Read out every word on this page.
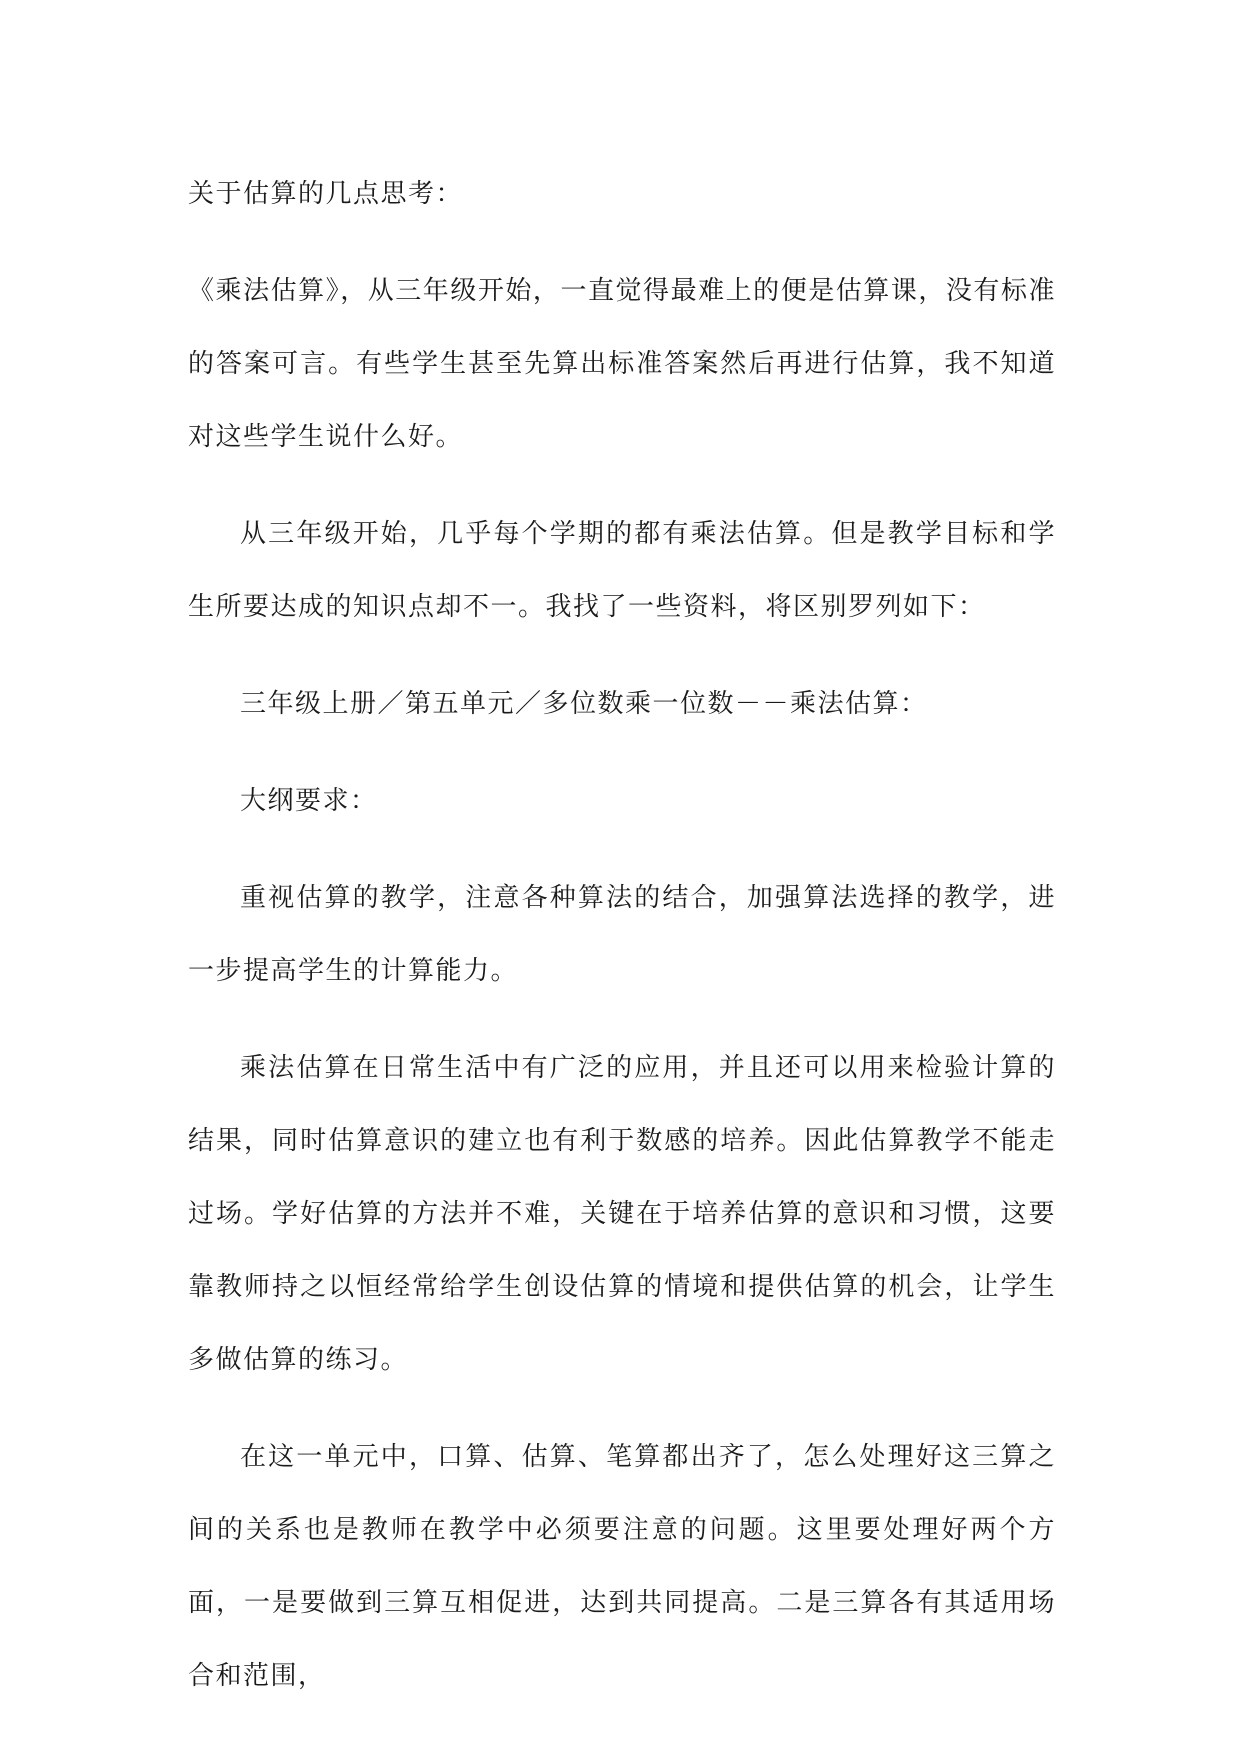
关于估算的几点思考：

《乘法估算》，从三年级开始，一直觉得最难上的便是估算课，没有标准的答案可言。有些学生甚至先算出标准答案然后再进行估算，我不知道对这些学生说什么好。

从三年级开始，几乎每个学期的都有乘法估算。但是教学目标和学生所要达成的知识点却不一。我找了一些资料，将区别罗列如下：

三年级上册／第五单元／多位数乘一位数－－乘法估算：

大纲要求：

重视估算的教学，注意各种算法的结合，加强算法选择的教学，进一步提高学生的计算能力。

乘法估算在日常生活中有广泛的应用，并且还可以用来检验计算的结果，同时估算意识的建立也有利于数感的培养。因此估算教学不能走过场。学好估算的方法并不难，关键在于培养估算的意识和习惯，这要靠教师持之以恒经常给学生创设估算的情境和提供估算的机会，让学生多做估算的练习。

在这一单元中，口算、估算、笔算都出齐了，怎么处理好这三算之间的关系也是教师在教学中必须要注意的问题。这里要处理好两个方面，一是要做到三算互相促进，达到共同提高。二是三算各有其适用场合和范围，
